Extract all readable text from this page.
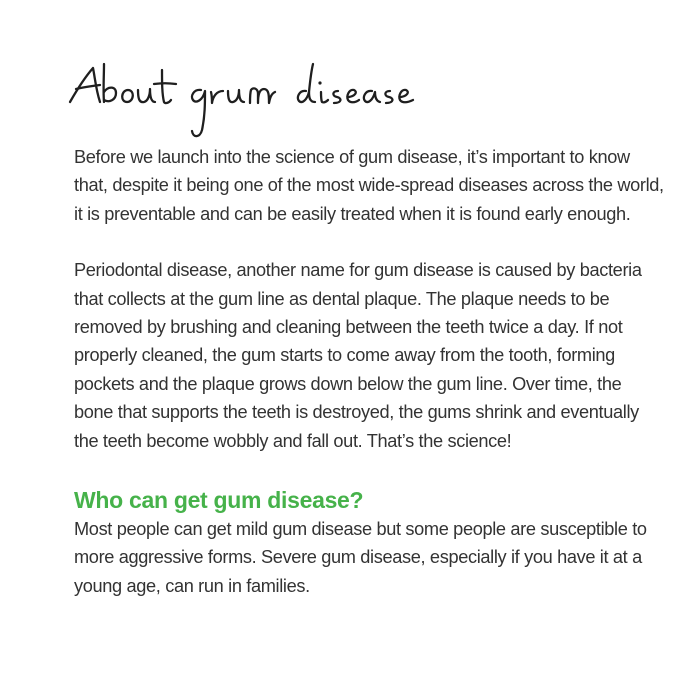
Before we launch into the science of gum disease, it’s important to know that, despite it being one of the most wide-spread diseases across the world, it is preventable and can be easily treated when it is found early enough.

Periodontal disease, another name for gum disease is caused by bacteria that collects at the gum line as dental plaque. The plaque needs to be removed by brushing and cleaning between the teeth twice a day. If not properly cleaned, the gum starts to come away from the tooth, forming pockets and the plaque grows down below the gum line. Over time, the bone that supports the teeth is destroyed, the gums shrink and eventually the teeth become wobbly and fall out. That’s the science!

Who can get gum disease?

Most people can get mild gum disease but some people are susceptible to more aggressive forms. Severe gum disease, especially if you have it at a young age, can run in families.
